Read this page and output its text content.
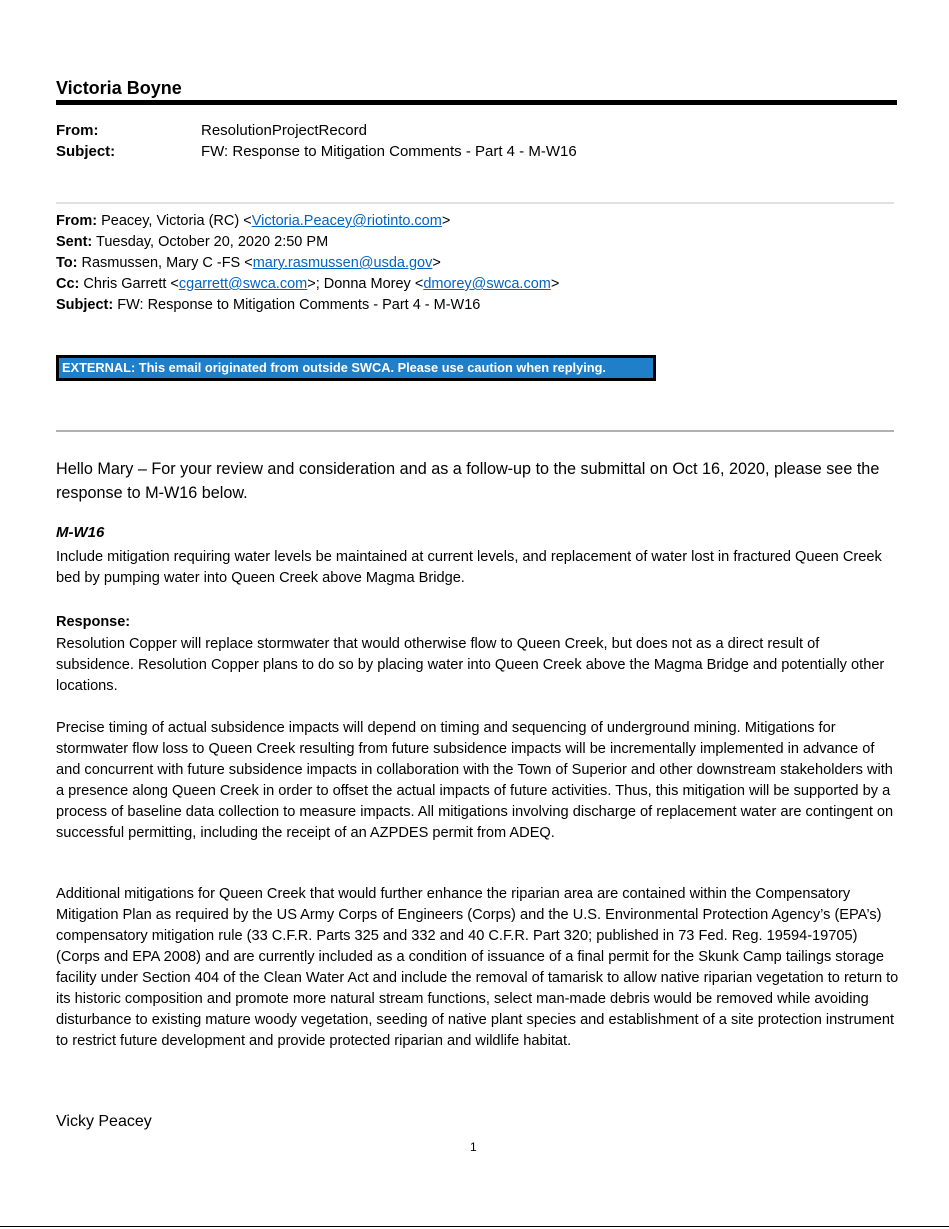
Victoria Boyne
From:	ResolutionProjectRecord
Subject:	FW: Response to Mitigation Comments - Part 4 - M-W16
From: Peacey, Victoria (RC) <Victoria.Peacey@riotinto.com>
Sent: Tuesday, October 20, 2020 2:50 PM
To: Rasmussen, Mary C -FS <mary.rasmussen@usda.gov>
Cc: Chris Garrett <cgarrett@swca.com>; Donna Morey <dmorey@swca.com>
Subject: FW: Response to Mitigation Comments - Part 4 - M-W16
EXTERNAL: This email originated from outside SWCA. Please use caution when replying.
Hello Mary – For your review and consideration and as a follow-up to the submittal on Oct 16, 2020, please see the response to M-W16 below.
M-W16
Include mitigation requiring water levels be maintained at current levels, and replacement of water lost in fractured Queen Creek bed by pumping water into Queen Creek above Magma Bridge.
Response:
Resolution Copper will replace stormwater that would otherwise flow to Queen Creek, but does not as a direct result of subsidence. Resolution Copper plans to do so by placing water into Queen Creek above the Magma Bridge and potentially other locations.
Precise timing of actual subsidence impacts will depend on timing and sequencing of underground mining. Mitigations for stormwater flow loss to Queen Creek resulting from future subsidence impacts will be incrementally implemented in advance of and concurrent with future subsidence impacts in collaboration with the Town of Superior and other downstream stakeholders with a presence along Queen Creek in order to offset the actual impacts of future activities. Thus, this mitigation will be supported by a process of baseline data collection to measure impacts. All mitigations involving discharge of replacement water are contingent on successful permitting, including the receipt of an AZPDES permit from ADEQ.
Additional mitigations for Queen Creek that would further enhance the riparian area are contained within the Compensatory Mitigation Plan as required by the US Army Corps of Engineers (Corps) and the U.S. Environmental Protection Agency’s (EPA’s) compensatory mitigation rule (33 C.F.R. Parts 325 and 332 and 40 C.F.R. Part 320; published in 73 Fed. Reg. 19594-19705) (Corps and EPA 2008) and are currently included as a condition of issuance of a final permit for the Skunk Camp tailings storage facility under Section 404 of the Clean Water Act and include the removal of tamarisk to allow native riparian vegetation to return to its historic composition and promote more natural stream functions, select man-made debris would be removed while avoiding disturbance to existing mature woody vegetation, seeding of native plant species and establishment of a site protection instrument to restrict future development and provide protected riparian and wildlife habitat.
Vicky Peacey
1
